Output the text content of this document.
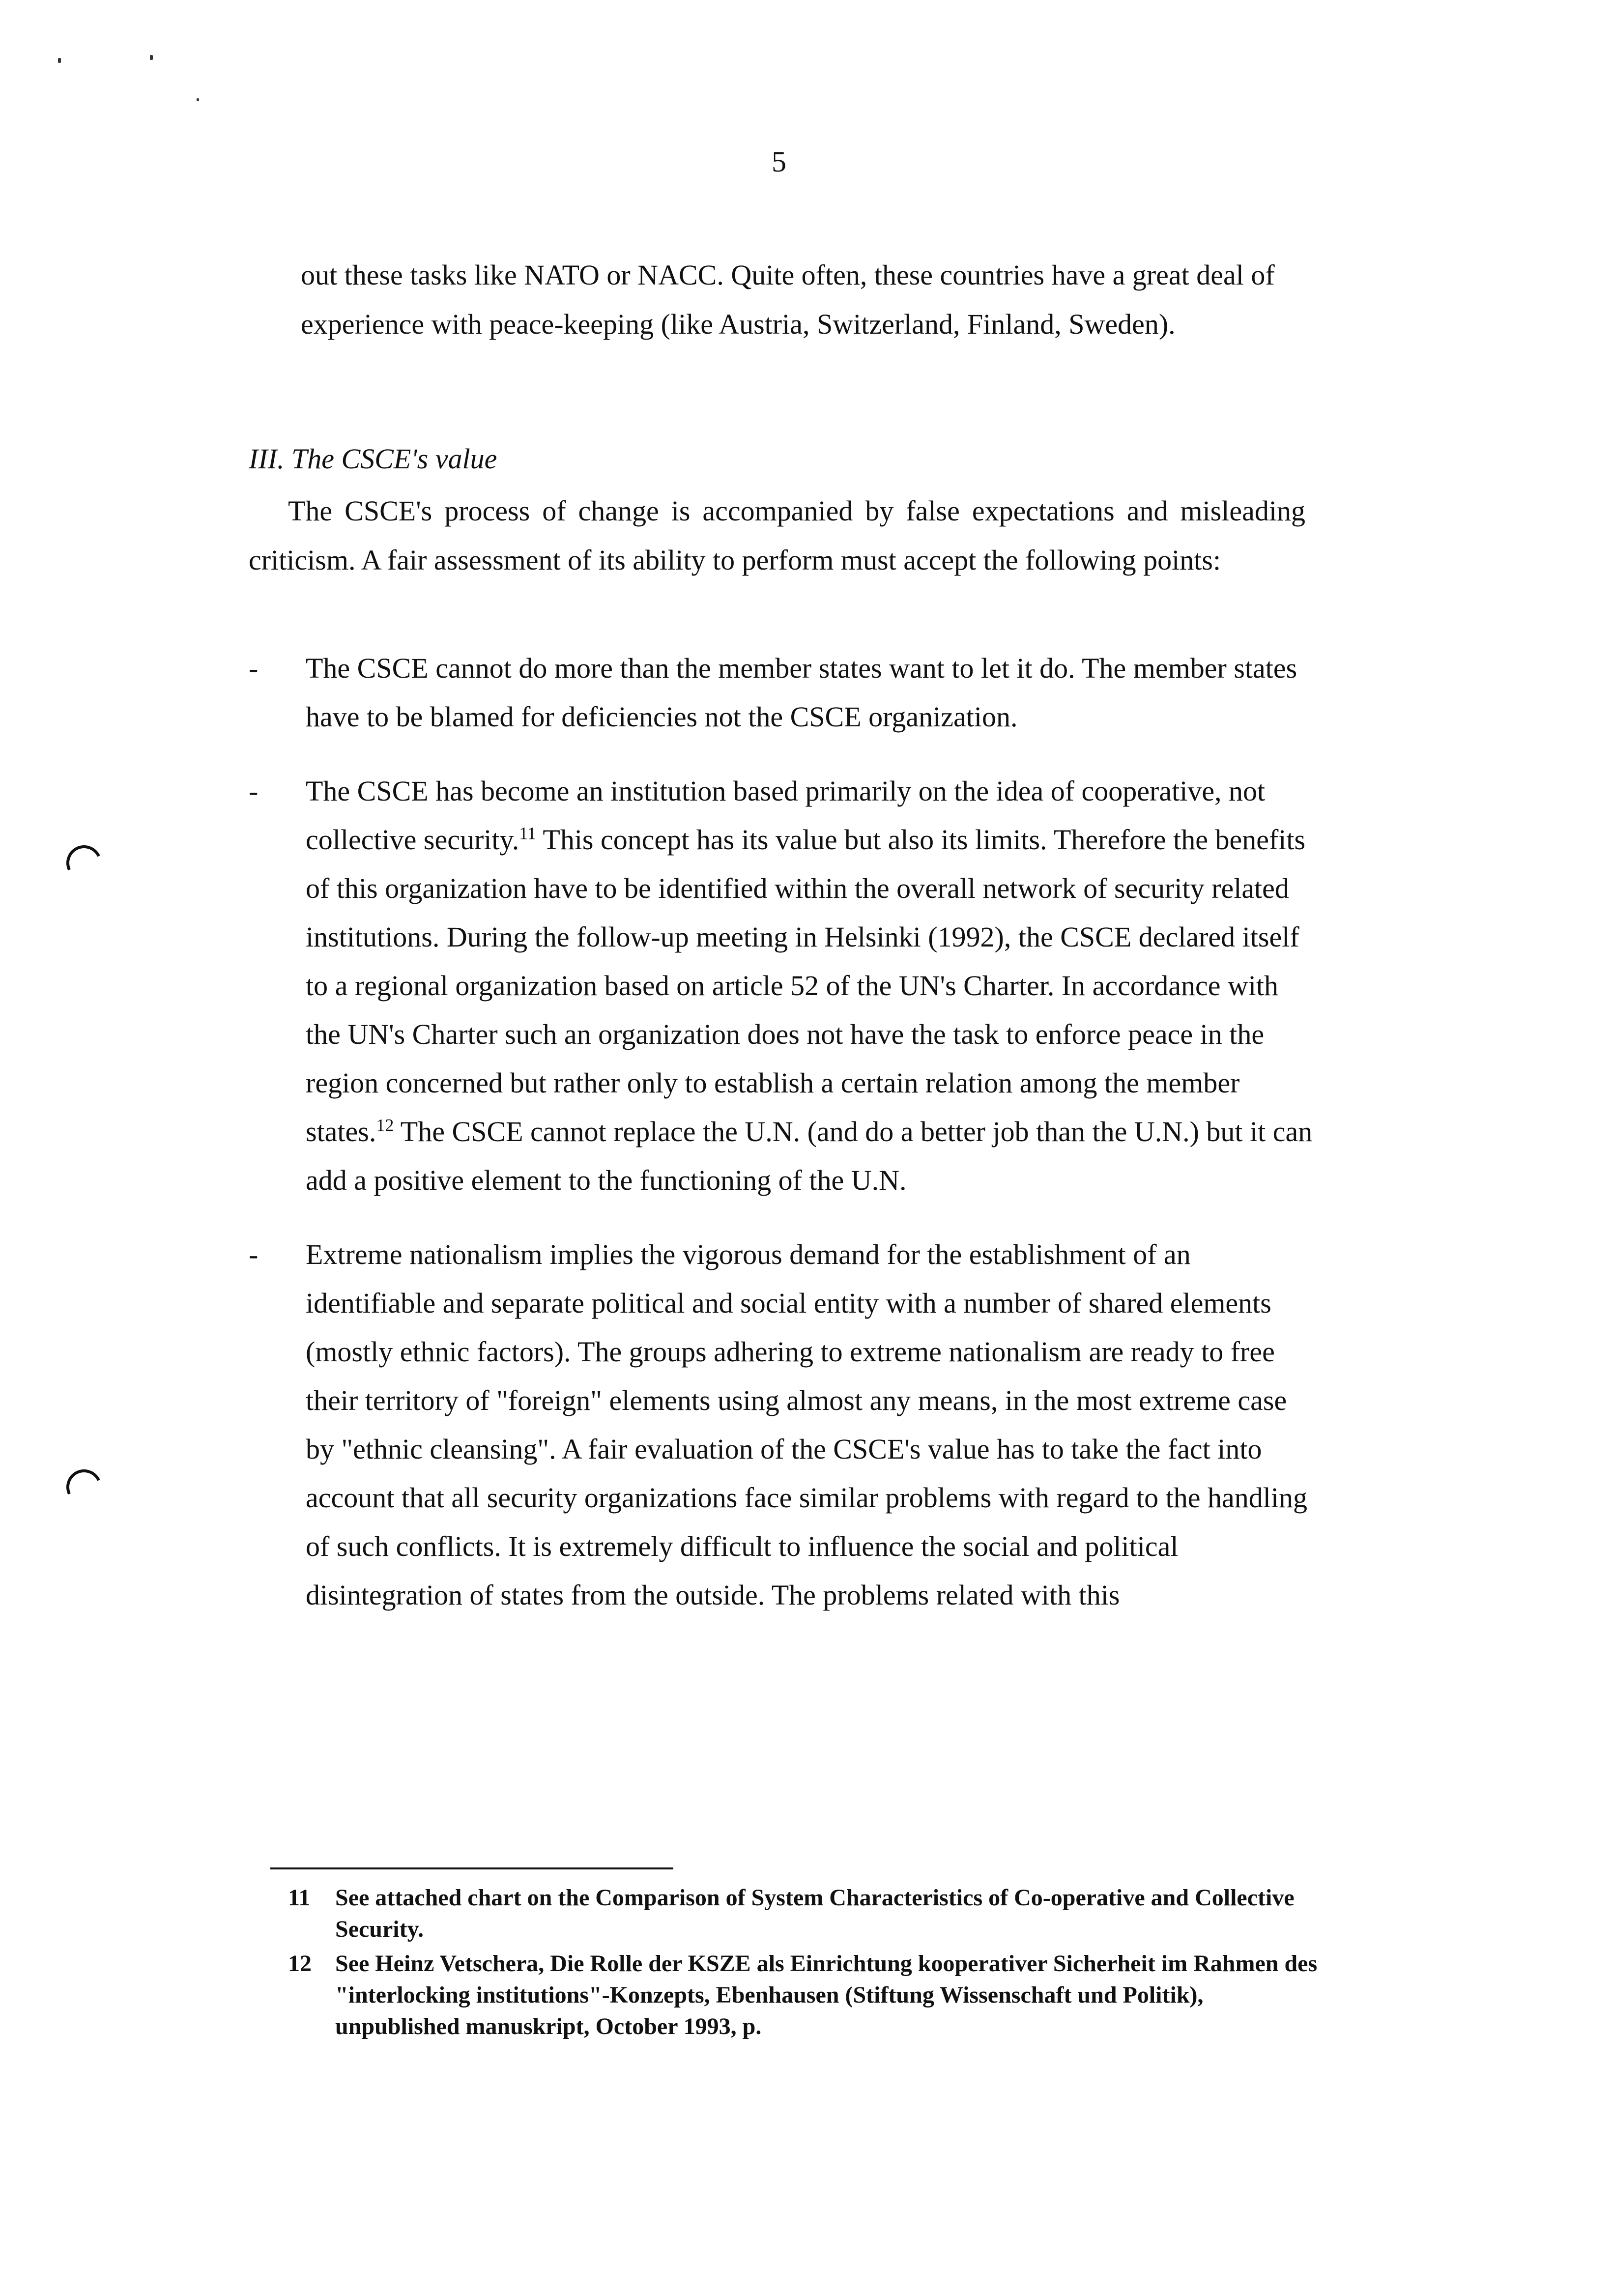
5

out these tasks like NATO or NACC. Quite often, these countries have a great deal of experience with peace-keeping (like Austria, Switzerland, Finland, Sweden).

III. The CSCE's value

The CSCE's process of change is accompanied by false expectations and misleading criticism. A fair assessment of its ability to perform must accept the following points:

-	The CSCE cannot do more than the member states want to let it do. The member states have to be blamed for deficiencies not the CSCE organization.
-	The CSCE has become an institution based primarily on the idea of cooperative, not collective security.$^{11}$ This concept has its value but also its limits. Therefore the benefits of this organization have to be identified within the overall network of security related institutions. During the follow-up meeting in Helsinki (1992), the CSCE declared itself to a regional organization based on article 52 of the UN's Charter. In accordance with the UN's Charter such an organization does not have the task to enforce peace in the region concerned but rather only to establish a certain relation among the member states.$^{12}$ The CSCE cannot replace the U.N. (and do a better job than the U.N.) but it can add a positive element to the functioning of the U.N.
-	Extreme nationalism implies the vigorous demand for the establishment of an identifiable and separate political and social entity with a number of shared elements (mostly ethnic factors). The groups adhering to extreme nationalism are ready to free their territory of "foreign" elements using almost any means, in the most extreme case by "ethnic cleansing". A fair evaluation of the CSCE's value has to take the fact into account that all security organizations face similar problems with regard to the handling of such conflicts. It is extremely difficult to influence the social and political disintegration of states from the outside. The problems related with this
11 See attached chart on the Comparison of System Characteristics of Co-operative and Collective Security.
12 See Heinz Vetschera, Die Rolle der KSZE als Einrichtung kooperativer Sicherheit im Rahmen des "interlocking institutions"-Konzepts, Ebenhausen (Stiftung Wissenschaft und Politik), unpublished manuskript, October 1993, p.
